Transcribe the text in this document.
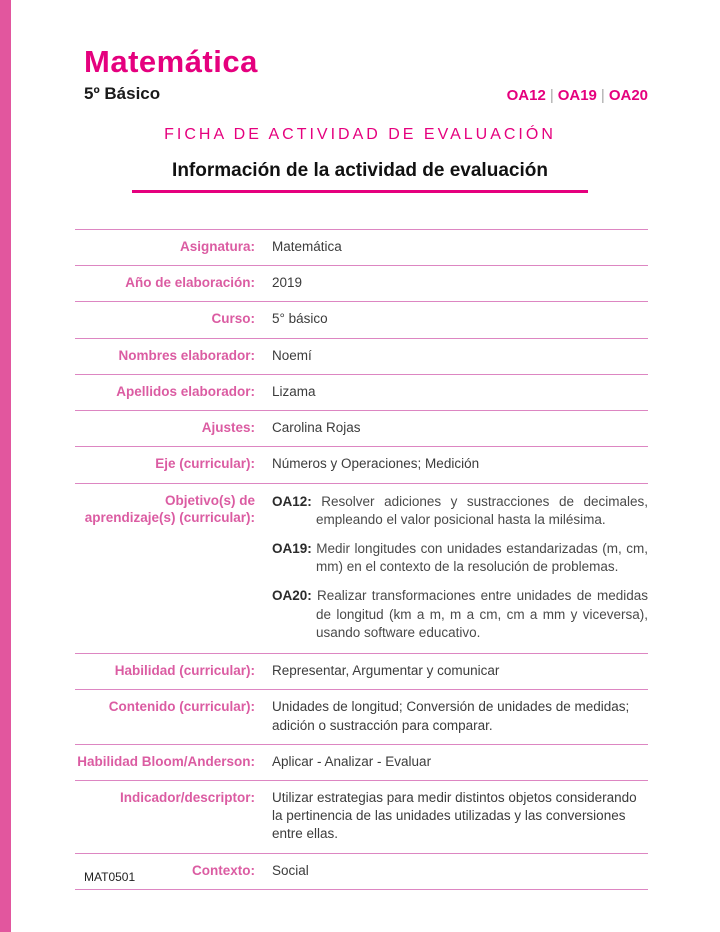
Matemática
5º Básico	OA12 | OA19 | OA20
FICHA DE ACTIVIDAD DE EVALUACIÓN
Información de la actividad de evaluación
Asignatura:	Matemática
Año de elaboración:	2019
Curso:	5° básico
Nombres elaborador:	Noemí
Apellidos elaborador:	Lizama
Ajustes:	Carolina Rojas
Eje (curricular):	Números y Operaciones; Medición
Objetivo(s) de aprendizaje(s) (curricular):
OA12: Resolver adiciones y sustracciones de decimales, empleando el valor posicional hasta la milésima.
OA19: Medir longitudes con unidades estandarizadas (m, cm, mm) en el contexto de la resolución de problemas.
OA20: Realizar transformaciones entre unidades de medidas de longitud (km a m, m a cm, cm a mm y viceversa), usando software educativo.
Habilidad (curricular):	Representar, Argumentar y comunicar
Contenido (curricular):	Unidades de longitud; Conversión de unidades de medidas; adición o sustracción para comparar.
Habilidad Bloom/Anderson:	Aplicar - Analizar - Evaluar
Indicador/descriptor:	Utilizar estrategias para medir distintos objetos considerando la pertinencia de las unidades utilizadas y las conversiones entre ellas.
Contexto:	Social
MAT0501
